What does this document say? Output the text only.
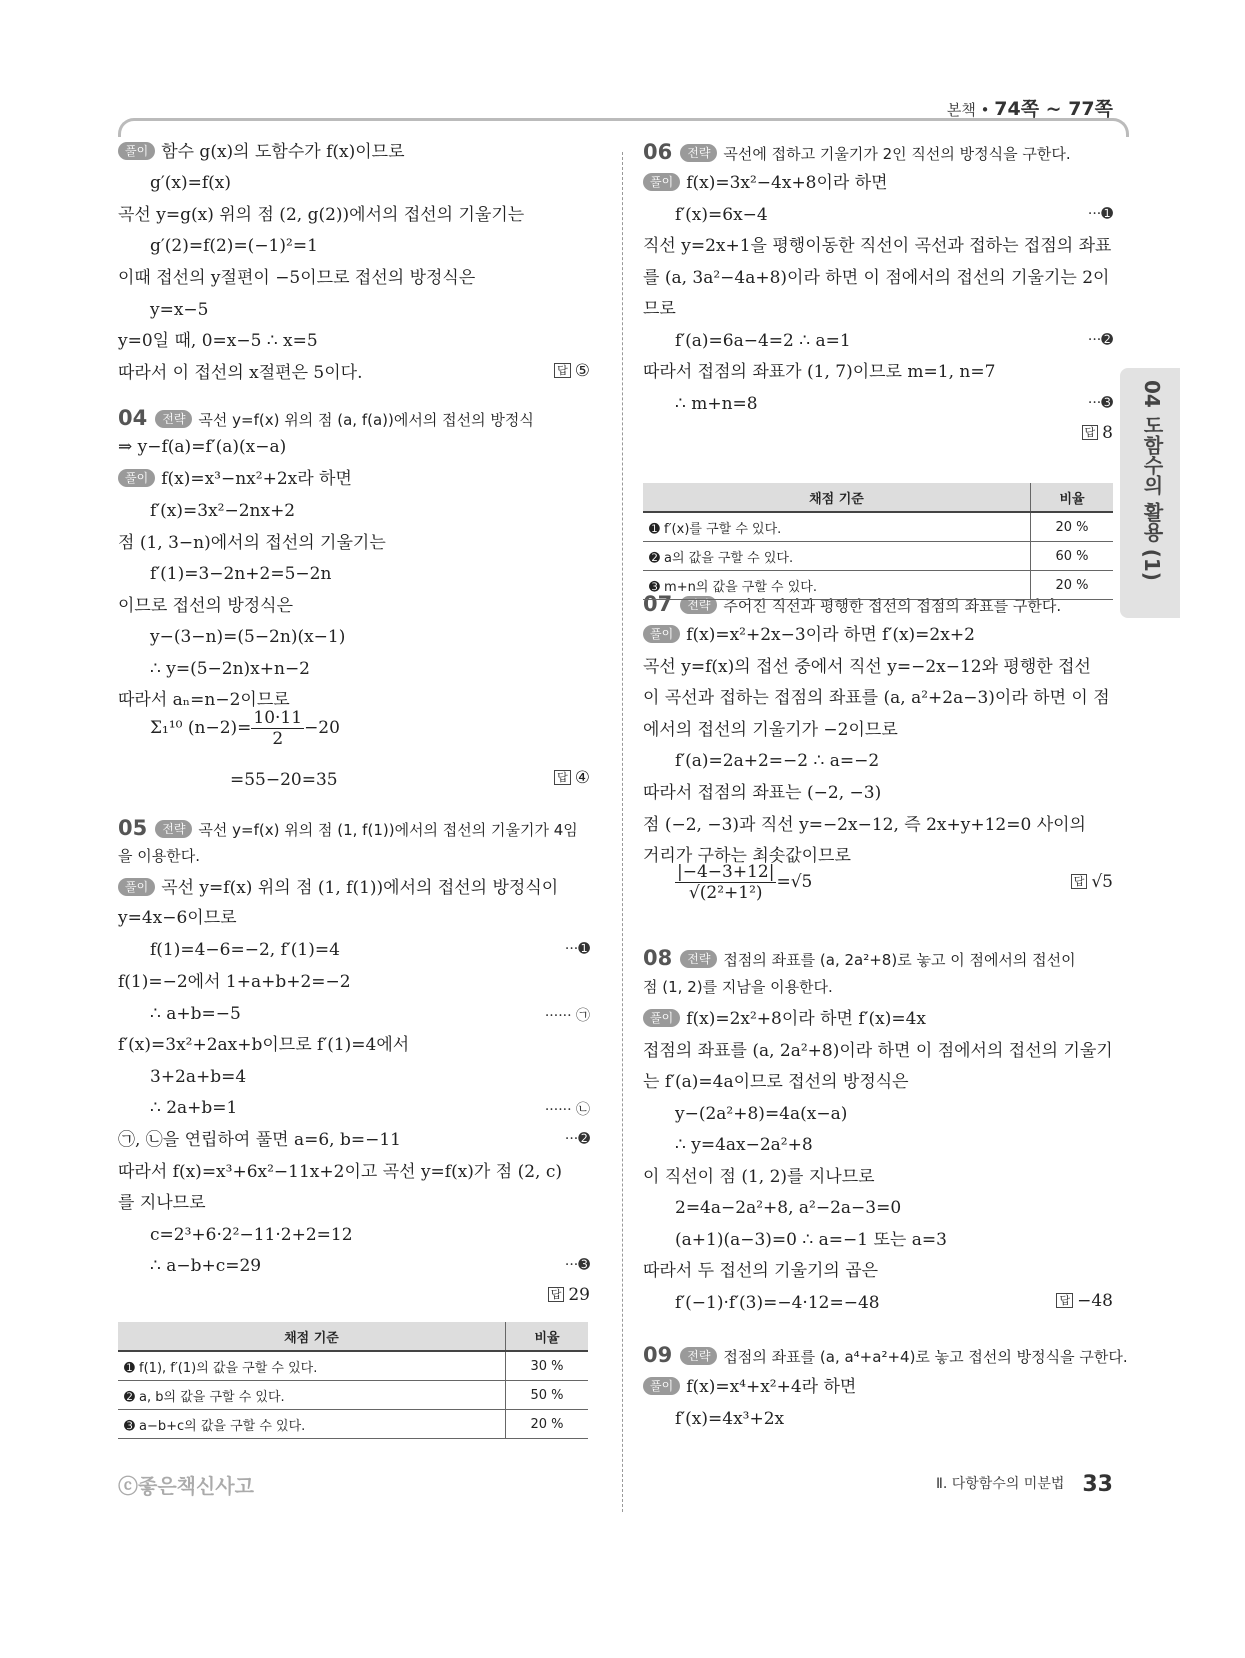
본책 • 74쪽 ~ 77쪽
풀이 함수 g(x)의 도함수가 f(x)이므로
g′(x)=f(x)
곡선 y=g(x) 위의 점 (2, g(2))에서의 접선의 기울기는
g′(2)=f(2)=(−1)²=1
이때 접선의 y절편이 −5이므로 접선의 방정식은
y=x−5
y=0일 때, 0=x−5 ∴ x=5
따라서 이 접선의 x절편은 5이다.	답 ⑤
04 전략 곡선 y=f(x) 위의 점 (a, f(a))에서의 접선의 방정식
⇒ y−f(a)=f′(a)(x−a)
풀이 f(x)=x³−nx²+2x라 하면
f′(x)=3x²−2nx+2
점 (1, 3−n)에서의 접선의 기울기는
f′(1)=3−2n+2=5−2n
이므로 접선의 방정식은
y−(3−n)=(5−2n)(x−1)
∴ y=(5−2n)x+n−2
따라서 aₙ=n−2이므로
Σ₁¹⁰ $(n-2)= \frac{10\cdot 11}{2} -20$
=55−20=35	답 ④
05 전략 곡선 y=f(x) 위의 점 (1, f(1))에서의 접선의 기울기가 4임
을 이용한다.
풀이 곡선 y=f(x) 위의 점 (1, f(1))에서의 접선의 방정식이
y=4x−6이므로
f(1)=4−6=−2, f′(1)=4	···➊
f(1)=−2에서 1+a+b+2=−2
∴ a+b=−5	······ ㉠
f′(x)=3x²+2ax+b이므로 f′(1)=4에서
3+2a+b=4
∴ 2a+b=1	······ ㉡
㉠, ㉡을 연립하여 풀면 a=6, b=−11	···➋
따라서 f(x)=x³+6x²−11x+2이고 곡선 y=f(x)가 점 (2, c)
를 지나므로
c=2³+6·2²−11·2+2=12
∴ a−b+c=29	···➌
답 29
06 전략 곡선에 접하고 기울기가 2인 직선의 방정식을 구한다.
풀이 f(x)=3x²−4x+8이라 하면
f′(x)=6x−4	···➊
직선 y=2x+1을 평행이동한 직선이 곡선과 접하는 접점의 좌표
를 (a, 3a²−4a+8)이라 하면 이 점에서의 접선의 기울기는 2이
므로
f′(a)=6a−4=2 ∴ a=1	···➋
따라서 접점의 좌표가 (1, 7)이므로 m=1, n=7
∴ m+n=8	···➌
답 8
07 전략 주어진 직선과 평행한 접선의 접점의 좌표를 구한다.
풀이 f(x)=x²+2x−3이라 하면 f′(x)=2x+2
곡선 y=f(x)의 접선 중에서 직선 y=−2x−12와 평행한 접선
이 곡선과 접하는 접점의 좌표를 (a, a²+2a−3)이라 하면 이 점
에서의 접선의 기울기가 −2이므로
f′(a)=2a+2=−2 ∴ a=−2
따라서 접점의 좌표는 (−2, −3)
점 (−2, −3)과 직선 y=−2x−12, 즉 2x+y+12=0 사이의
거리가 구하는 최솟값이므로
$\frac{|-4-3+12|}{\text{√(2²+1²)}} =√5$	답 √5
08 전략 접점의 좌표를 (a, 2a²+8)로 놓고 이 점에서의 접선이
점 (1, 2)를 지남을 이용한다.
풀이 f(x)=2x²+8이라 하면 f′(x)=4x
접점의 좌표를 (a, 2a²+8)이라 하면 이 점에서의 접선의 기울기
는 f′(a)=4a이므로 접선의 방정식은
y−(2a²+8)=4a(x−a)
∴ y=4ax−2a²+8
이 직선이 점 (1, 2)를 지나므로
2=4a−2a²+8, a²−2a−3=0
(a+1)(a−3)=0 ∴ a=−1 또는 a=3
따라서 두 접선의 기울기의 곱은
f′(−1)·f′(3)=−4·12=−48	답 −48
09 전략 접점의 좌표를 (a, a⁴+a²+4)로 놓고 접선의 방정식을 구한다.
풀이 f(x)=x⁴+x²+4라 하면
f′(x)=4x³+2x
채점 기준	비율
➊ f(1), f′(1)의 값을 구할 수 있다.	30 %
➋ a, b의 값을 구할 수 있다.	50 %
➌ a−b+c의 값을 구할 수 있다.	20 %
채점 기준	비율
➊ f′(x)를 구할 수 있다.	20 %
➋ a의 값을 구할 수 있다.	60 %
➌ m+n의 값을 구할 수 있다.	20 %
04 도함수의 활용 (1)
ⓒ좋은책신사고	Ⅱ. 다항함수의 미분법 33
